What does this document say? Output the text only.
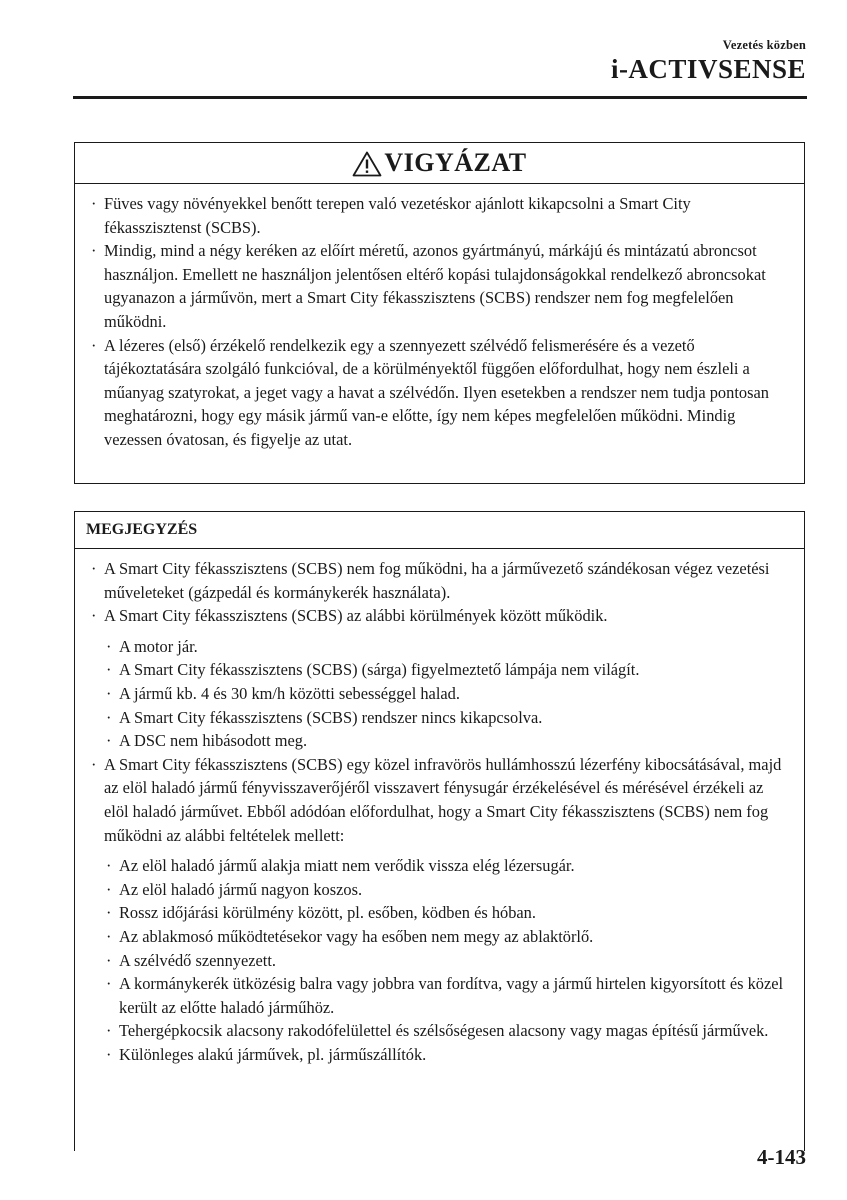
Vezetés közben
i-ACTIVSENSE
VIGYÁZAT
· Füves vagy növényekkel benőtt terepen való vezetéskor ajánlott kikapcsolni a Smart City fékasszisztenst (SCBS).
· Mindig, mind a négy keréken az előírt méretű, azonos gyártmányú, márkájú és mintázatú abroncsot használjon. Emellett ne használjon jelentősen eltérő kopási tulajdonságokkal rendelkező abroncsokat ugyanazon a járművön, mert a Smart City fékasszisztens (SCBS) rendszer nem fog megfelelően működni.
· A lézeres (első) érzékelő rendelkezik egy a szennyezett szélvédő felismerésére és a vezető tájékoztatására szolgáló funkcióval, de a körülményektől függően előfordulhat, hogy nem észleli a műanyag szatyrokat, a jeget vagy a havat a szélvédőn. Ilyen esetekben a rendszer nem tudja pontosan meghatározni, hogy egy másik jármű van-e előtte, így nem képes megfelelően működni. Mindig vezessen óvatosan, és figyelje az utat.
MEGJEGYZÉS
· A Smart City fékasszisztens (SCBS) nem fog működni, ha a járművezető szándékosan végez vezetési műveleteket (gázpedál és kormánykerék használata).
· A Smart City fékasszisztens (SCBS) az alábbi körülmények között működik.
· A motor jár.
· A Smart City fékasszisztens (SCBS) (sárga) figyelmeztető lámpája nem világít.
· A jármű kb. 4 és 30 km/h közötti sebességgel halad.
· A Smart City fékasszisztens (SCBS) rendszer nincs kikapcsolva.
· A DSC nem hibásodott meg.
· A Smart City fékasszisztens (SCBS) egy közel infravörös hullámhosszú lézerfény kibocsátásával, majd az elöl haladó jármű fényvisszaverőjéről visszavert fénysugár érzékelésével és mérésével érzékeli az elöl haladó járművet. Ebből adódóan előfordulhat, hogy a Smart City fékasszisztens (SCBS) nem fog működni az alábbi feltételek mellett:
· Az elöl haladó jármű alakja miatt nem verődik vissza elég lézersugár.
· Az elöl haladó jármű nagyon koszos.
· Rossz időjárási körülmény között, pl. esőben, ködben és hóban.
· Az ablakmosó működtetésekor vagy ha esőben nem megy az ablaktörlő.
· A szélvédő szennyezett.
· A kormánykerék ütközésig balra vagy jobbra van fordítva, vagy a jármű hirtelen kigyorsított és közel került az előtte haladó járműhöz.
· Tehergépkocsik alacsony rakodófelülettel és szélsőségesen alacsony vagy magas építésű járművek.
· Különleges alakú járművek, pl. járműszállítók.
4-143
